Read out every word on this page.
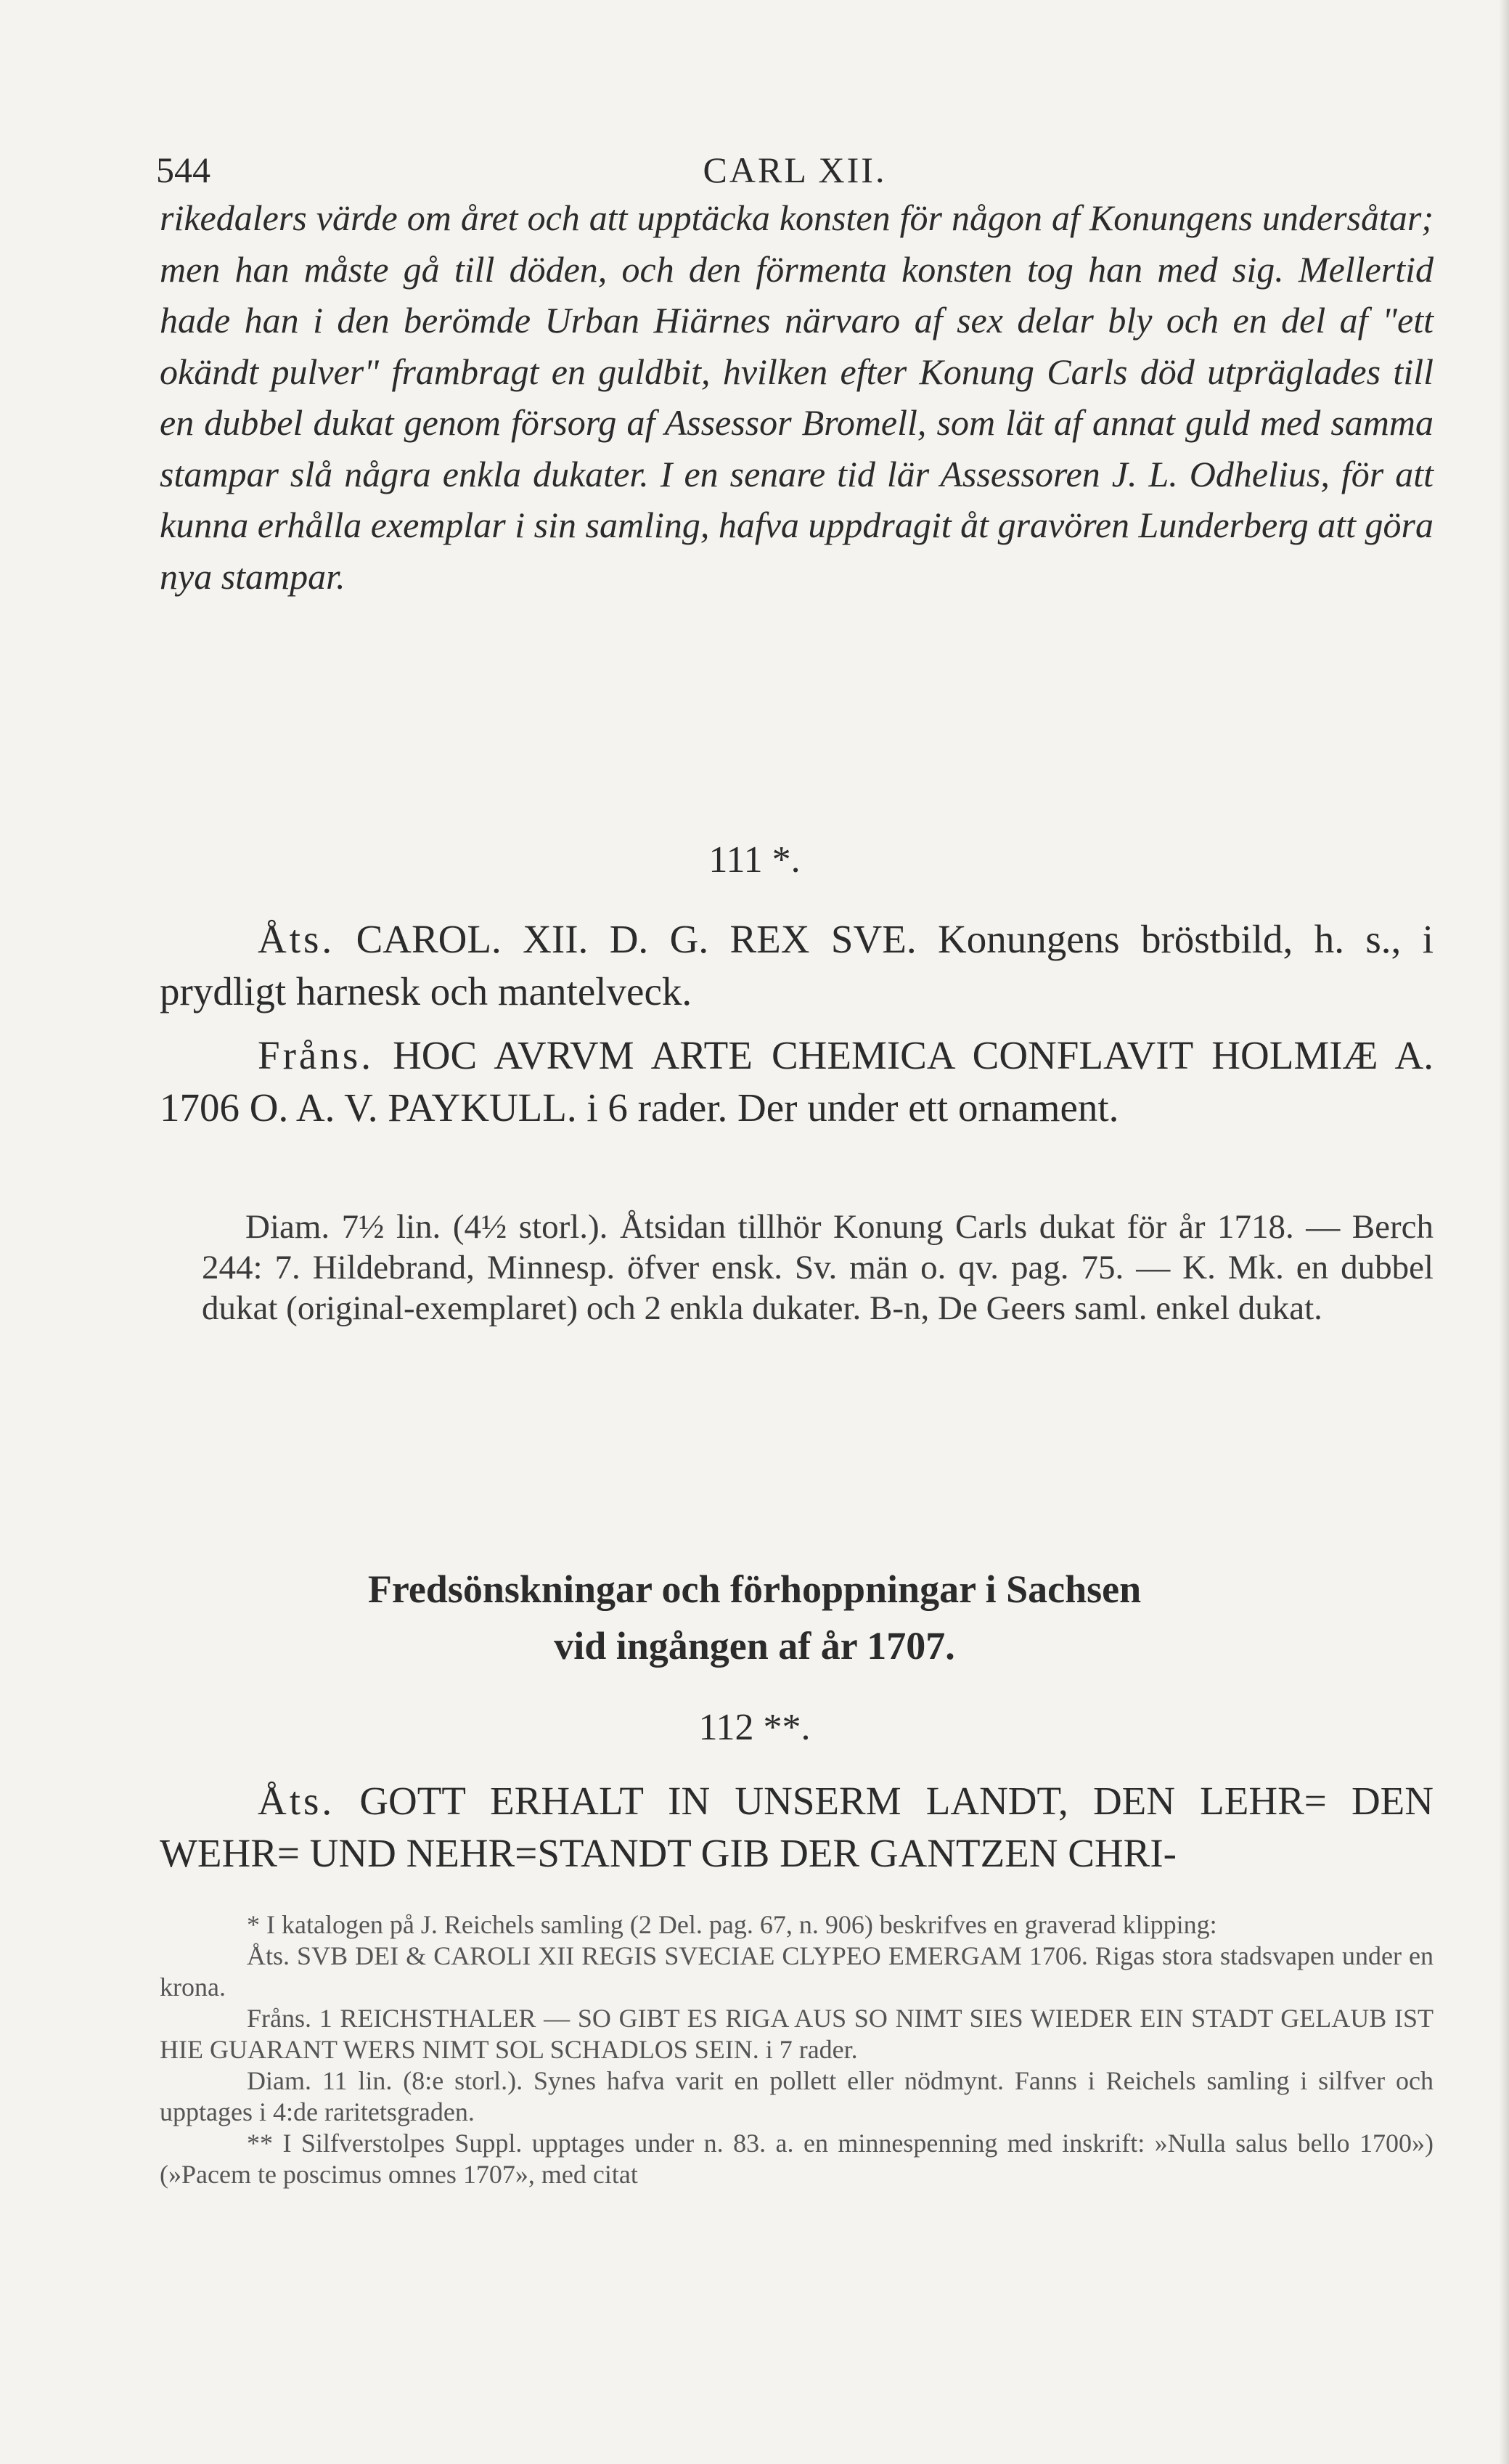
544	CARL XII.
rikedalers värde om året och att upptäcka konsten för någon af Konungens undersåtar; men han måste gå till döden, och den förmenta konsten tog han med sig. Mellertid hade han i den berömde Urban Hiärnes närvaro af sex delar bly och en del af "ett okändt pulver" frambragt en guldbit, hvilken efter Konung Carls död utpräglades till en dubbel dukat genom försorg af Assessor Bromell, som lät af annat guld med samma stampar slå några enkla dukater. I en senare tid lär Assessoren J. L. Odhelius, för att kunna erhålla exemplar i sin samling, hafva uppdragit åt gravören Lunderberg att göra nya stampar.
111 *.
Åts. CAROL. XII. D. G. REX SVE. Konungens bröstbild, h. s., i prydligt harnesk och mantelveck.
Fråns. HOC AVRVM ARTE CHEMICA CONFLAVIT HOLMIÆ A. 1706 O. A. V. PAYKULL. i 6 rader. Der under ett ornament.
Diam. 7½ lin. (4½ storl.). Åtsidan tillhör Konung Carls dukat för år 1718. — Berch 244: 7. Hildebrand, Minnesp. öfver ensk. Sv. män o. qv. pag. 75. — K. Mk. en dubbel dukat (original-exemplaret) och 2 enkla dukater. B-n, De Geers saml. enkel dukat.
Fredsönskningar och förhoppningar i Sachsen
vid ingången af år 1707.
112 **.
Åts. GOTT ERHALT IN UNSERM LANDT, DEN LEHR= DEN WEHR= UND NEHR=STANDT GIB DER GANTZEN CHRI-
* I katalogen på J. Reichels samling (2 Del. pag. 67, n. 906) beskrifves en graverad klipping:
Åts. SVB DEI & CAROLI XII REGIS SVECIAE CLYPEO EMERGAM 1706. Rigas stora stadsvapen under en krona.
Fråns. 1 REICHSTHALER — SO GIBT ES RIGA AUS SO NIMT SIES WIEDER EIN STADT GELAUB IST HIE GUARANT WERS NIMT SOL SCHADLOS SEIN. i 7 rader.
Diam. 11 lin. (8:e storl.). Synes hafva varit en pollett eller nödmynt. Fanns i Reichels samling i silfver och upptages i 4:de raritetsgraden.
** I Silfverstolpes Suppl. upptages under n. 83. a. en minnespenning med inskrift: »Nulla salus bello 1700»)(»Pacem te poscimus omnes 1707», med citat
